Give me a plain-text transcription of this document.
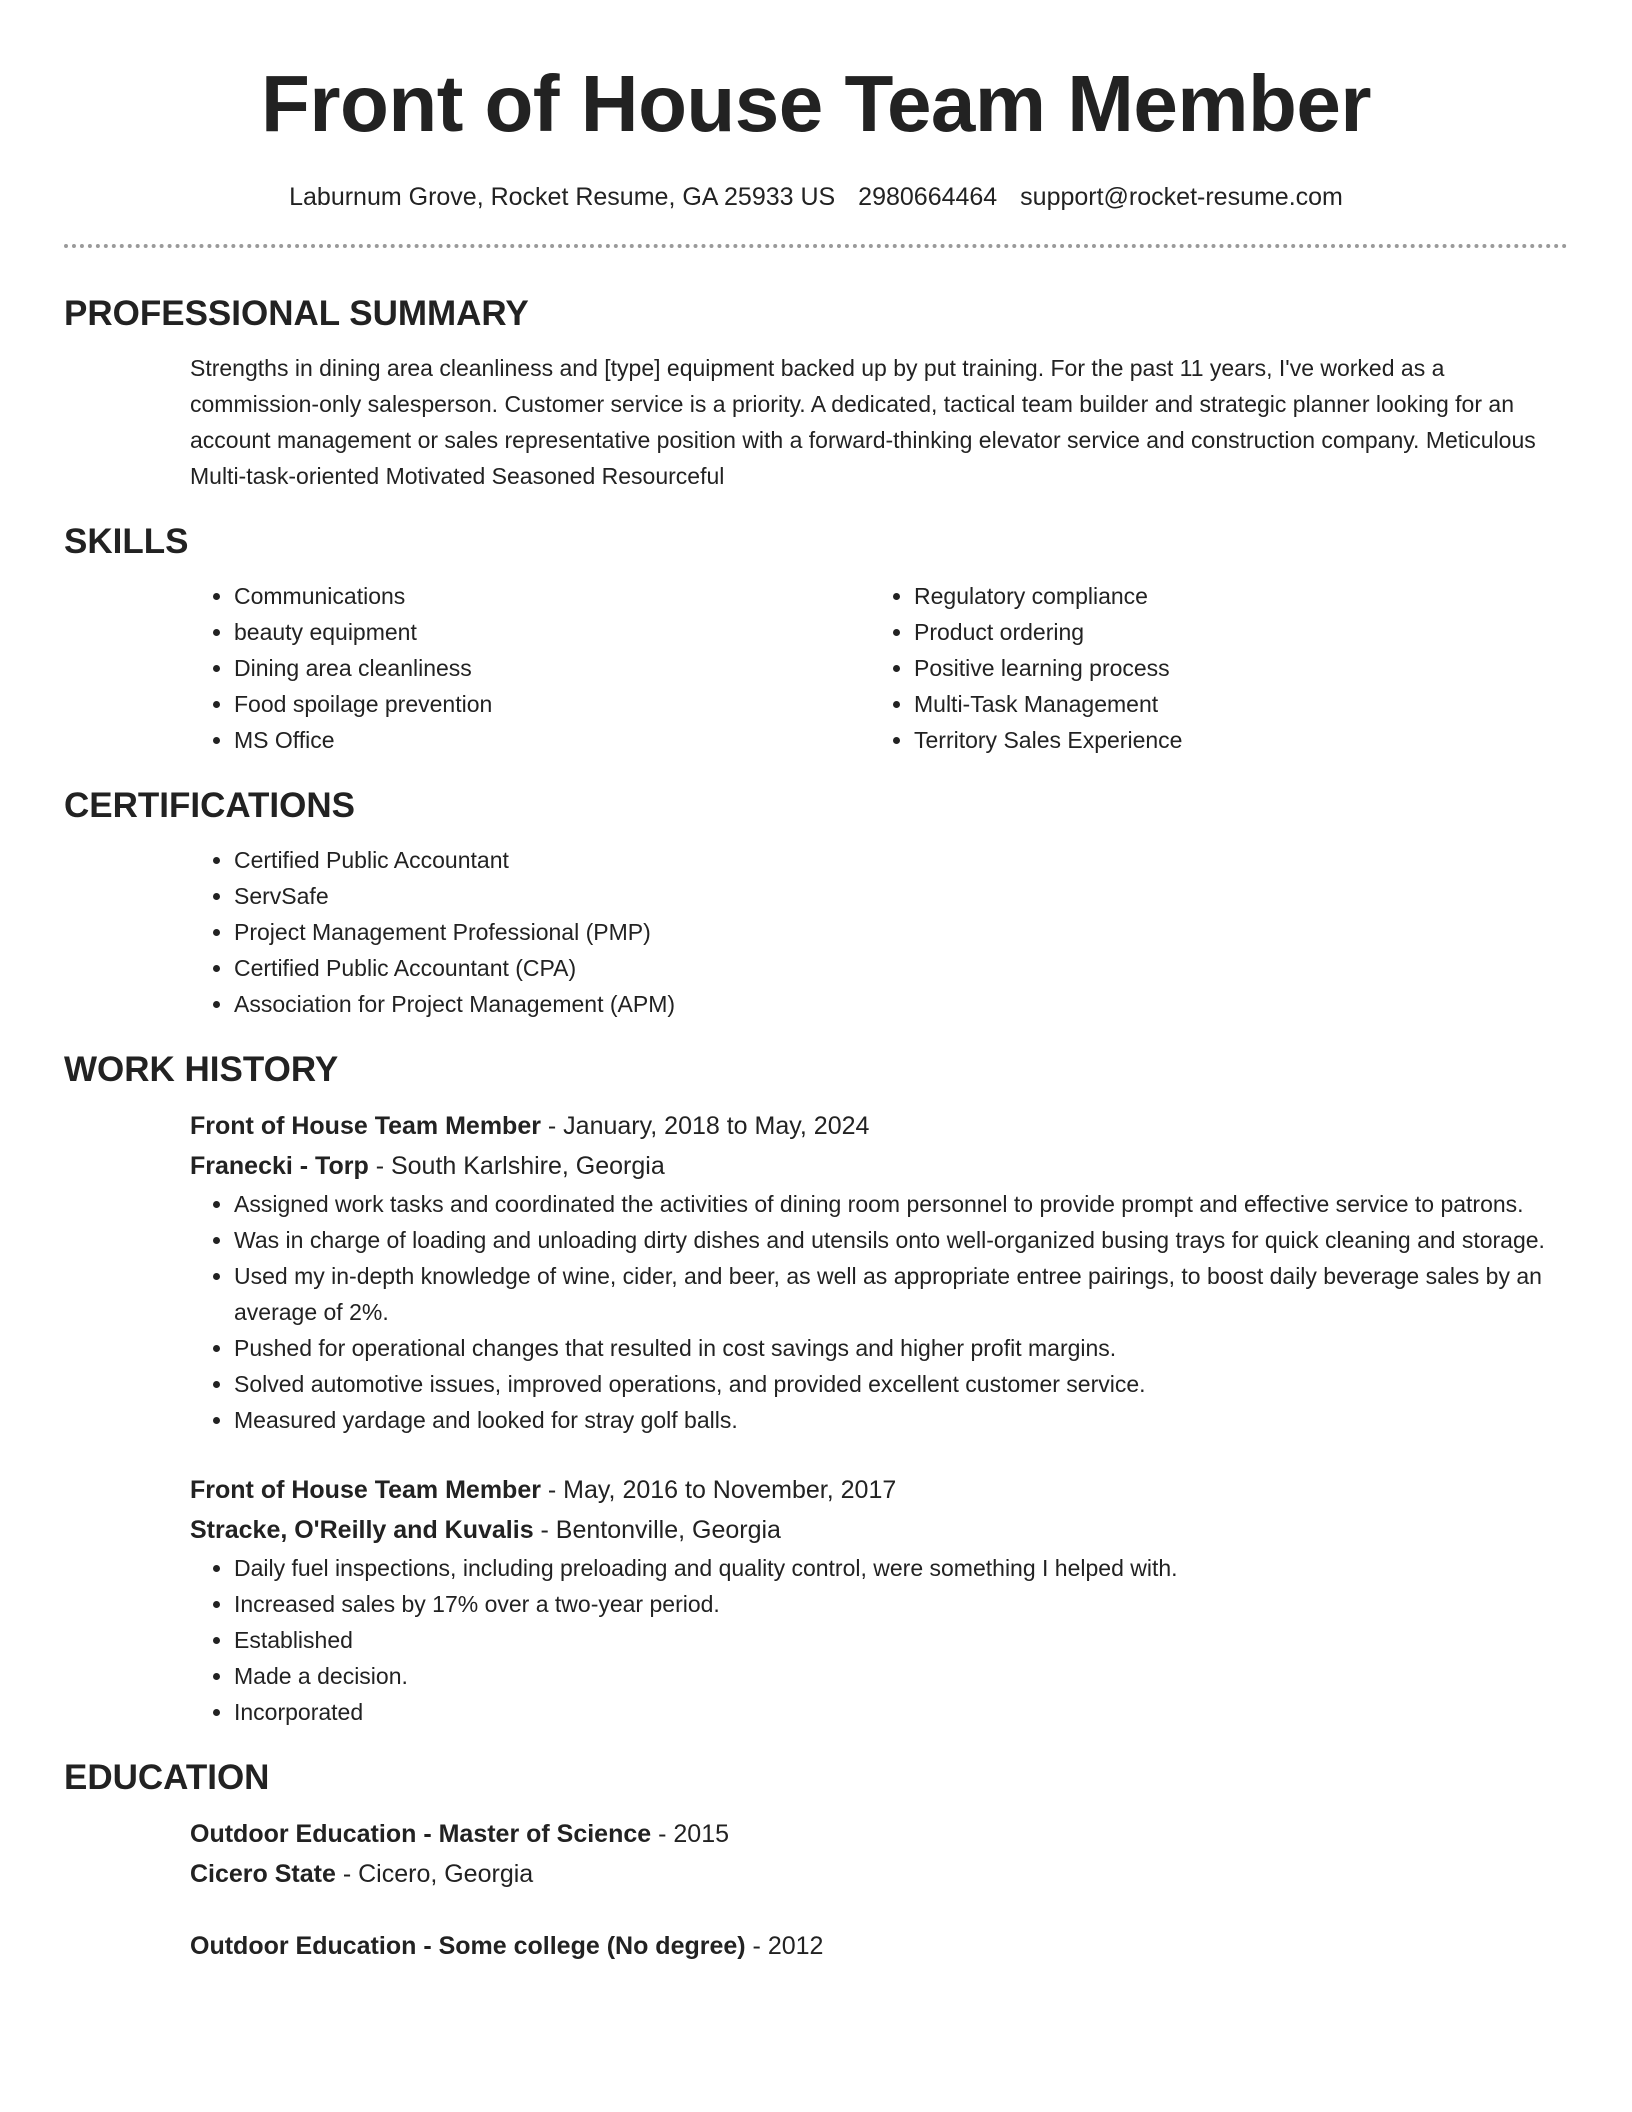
Front of House Team Member
Laburnum Grove, Rocket Resume, GA 25933 US 2980664464 support@rocket-resume.com
PROFESSIONAL SUMMARY
Strengths in dining area cleanliness and [type] equipment backed up by put training. For the past 11 years, I've worked as a commission-only salesperson. Customer service is a priority. A dedicated, tactical team builder and strategic planner looking for an account management or sales representative position with a forward-thinking elevator service and construction company. Meticulous Multi-task-oriented Motivated Seasoned Resourceful
SKILLS
• Communications
• beauty equipment
• Dining area cleanliness
• Food spoilage prevention
• MS Office
• Regulatory compliance
• Product ordering
• Positive learning process
• Multi-Task Management
• Territory Sales Experience
CERTIFICATIONS
• Certified Public Accountant
• ServSafe
• Project Management Professional (PMP)
• Certified Public Accountant (CPA)
• Association for Project Management (APM)
WORK HISTORY
Front of House Team Member - January, 2018 to May, 2024
Franecki - Torp - South Karlshire, Georgia
• Assigned work tasks and coordinated the activities of dining room personnel to provide prompt and effective service to patrons.
• Was in charge of loading and unloading dirty dishes and utensils onto well-organized busing trays for quick cleaning and storage.
• Used my in-depth knowledge of wine, cider, and beer, as well as appropriate entree pairings, to boost daily beverage sales by an average of 2%.
• Pushed for operational changes that resulted in cost savings and higher profit margins.
• Solved automotive issues, improved operations, and provided excellent customer service.
• Measured yardage and looked for stray golf balls.
Front of House Team Member - May, 2016 to November, 2017
Stracke, O'Reilly and Kuvalis - Bentonville, Georgia
• Daily fuel inspections, including preloading and quality control, were something I helped with.
• Increased sales by 17% over a two-year period.
• Established
• Made a decision.
• Incorporated
EDUCATION
Outdoor Education - Master of Science - 2015
Cicero State - Cicero, Georgia
Outdoor Education - Some college (No degree) - 2012
